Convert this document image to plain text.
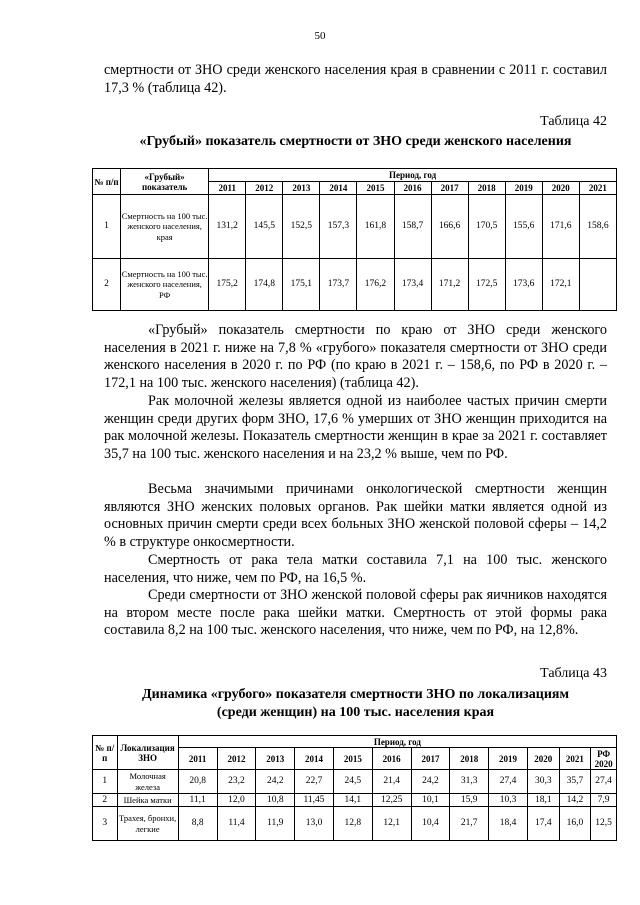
50

смертности от ЗНО среди женского населения края в сравнении с 2011 г. составил 17,3 % (таблица 42).

Таблица 42
«Грубый» показатель смертности от ЗНО среди женского населения
№ п/п	«Грубый» показатель	Период, год										
		2011	2012	2013	2014	2015	2016	2017	2018	2019	2020	2021
1	Смертность на 100 тыс. женского населения, края	131,2	145,5	152,5	157,3	161,8	158,7	166,6	170,5	155,6	171,6	158,6
2	Смертность на 100 тыс. женского населения, РФ	175,2	174,8	175,1	173,7	176,2	173,4	171,2	172,5	173,6	172,1	

«Грубый» показатель смертности по краю от ЗНО среди женского населения в 2021 г. ниже на 7,8 % «грубого» показателя смертности от ЗНО среди женского населения в 2020 г. по РФ (по краю в 2021 г. – 158,6, по РФ в 2020 г. – 172,1 на 100 тыс. женского населения) (таблица 42).

Рак молочной железы является одной из наиболее частых причин смерти женщин среди других форм ЗНО, 17,6 % умерших от ЗНО женщин приходится на рак молочной железы. Показатель смертности женщин в крае за 2021 г. составляет 35,7 на 100 тыс. женского населения и на 23,2 % выше, чем по РФ.

Весьма значимыми причинами онкологической смертности женщин являются ЗНО женских половых органов. Рак шейки матки является одной из основных причин смерти среди всех больных ЗНО женской половой сферы – 14,2 % в структуре онкосмертности.

Смертность от рака тела матки составила 7,1 на 100 тыс. женского населения, что ниже, чем по РФ, на 16,5 %.

Среди смертности от ЗНО женской половой сферы рак яичников находятся на втором месте после рака шейки матки. Смертность от этой формы рака составила 8,2 на 100 тыс. женского населения, что ниже, чем по РФ, на 12,8%.

Таблица 43
Динамика «грубого» показателя смертности ЗНО по локализациям
(среди женщин) на 100 тыс. населения края
№ п/п	Локализация ЗНО	Период, год											
		2011	2012	2013	2014	2015	2016	2017	2018	2019	2020	2021	РФ 2020
1	Молочная железа	20,8	23,2	24,2	22,7	24,5	21,4	24,2	31,3	27,4	30,3	35,7	27,4
2	Шейка матки	11,1	12,0	10,8	11,45	14,1	12,25	10,1	15,9	10,3	18,1	14,2	7,9
3	Трахея, бронхи, легкие	8,8	11,4	11,9	13,0	12,8	12,1	10,4	21,7	18,4	17,4	16,0	12,5
